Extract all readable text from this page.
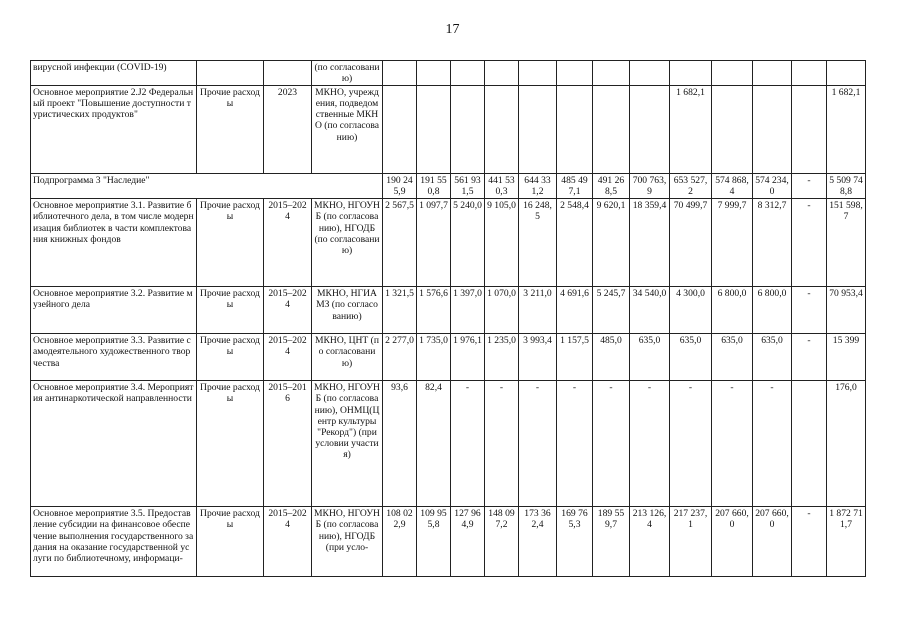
17
вирусной инфекции (COVID-19)			(по согласованию)													
Основное мероприятие 2.J2 Федеральный проект "Повышение доступности туристических продуктов"	Прочие расходы	2023	МКНО, учреждения, подведомственные МКНО (по согласованию)									1 682,1				1 682,1
Подпрограмма 3 "Наследие"				190 245,9	191 550,8	561 931,5	441 530,3	644 331,2	485 497,1	491 268,5	700 763,9	653 527,2	574 868,4	574 234,0	-	5 509 748,8
Основное мероприятие 3.1. Развитие библиотечного дела, в том числе модернизация библиотек в части комплектования книжных фондов	Прочие расходы	2015–2024	МКНО, НГОУНБ (по согласованию), НГОДБ (по согласованию)	2 567,5	1 097,7	5 240,0	9 105,0	16 248,5	2 548,4	9 620,1	18 359,4	70 499,7	7 999,7	8 312,7	-	151 598,7
Основное мероприятие 3.2. Развитие музейного дела	Прочие расходы	2015–2024	МКНО, НГИАМЗ (по согласованию)	1 321,5	1 576,6	1 397,0	1 070,0	3 211,0	4 691,6	5 245,7	34 540,0	4 300,0	6 800,0	6 800,0	-	70 953,4
Основное мероприятие 3.3. Развитие самодеятельного художественного творчества	Прочие расходы	2015–2024	МКНО, ЦНТ (по согласованию)	2 277,0	1 735,0	1 976,1	1 235,0	3 993,4	1 157,5	485,0	635,0	635,0	635,0	635,0	-	15 399
Основное мероприятие 3.4. Мероприятия антинаркотической направленности	Прочие расходы	2015–2016	МКНО, НГОУНБ (по согласованию), ОНМЦ(Центр культуры "Рекорд") (при условии участия)	93,6	82,4	-	-	-	-	-	-	-	-	-		176,0
Основное мероприятие 3.5. Предоставление субсидии на финансовое обеспечение выполнения государственного задания на оказание государственной услуги по библиотечному, информаци-	Прочие расходы	2015–2024	МКНО, НГОУНБ (по согласованию), НГОДБ (при усло-	108 022,9	109 955,8	127 964,9	148 097,2	173 362,4	169 765,3	189 559,7	213 126,4	217 237,1	207 660,0	207 660,0	-	1 872 711,7
